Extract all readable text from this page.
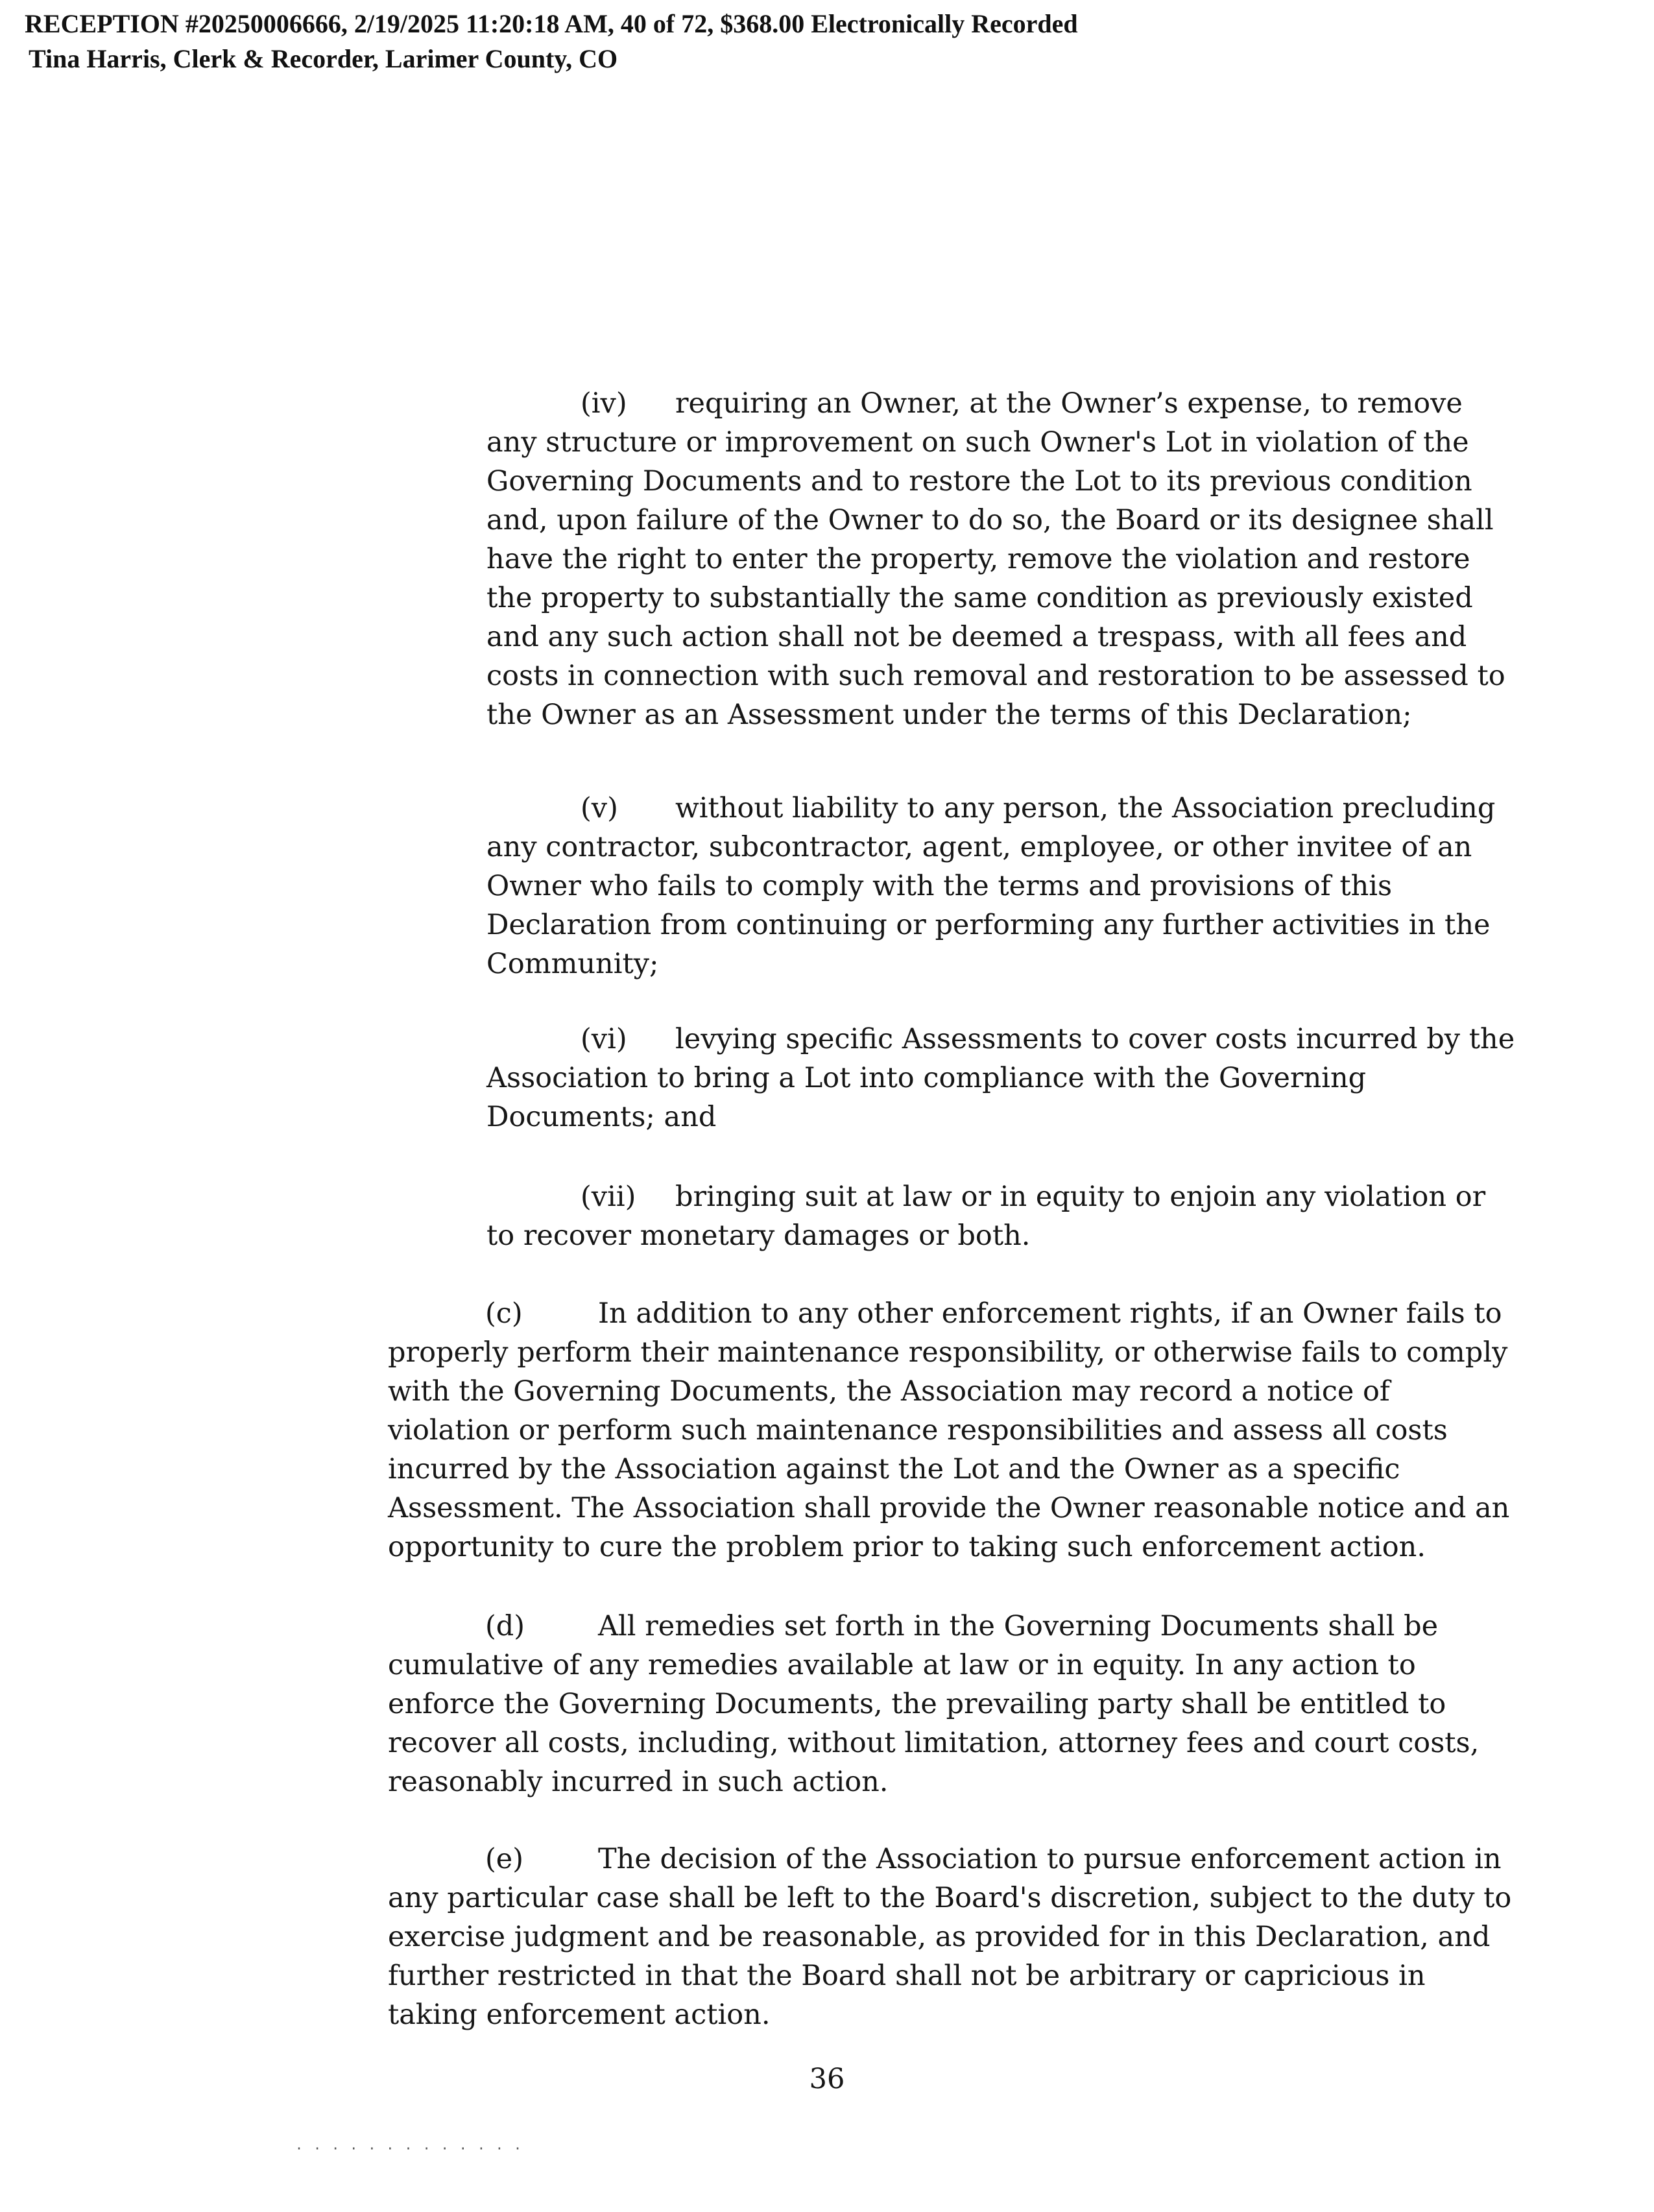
RECEPTION #20250006666, 2/19/2025 11:20:18 AM, 40 of 72, $368.00 Electronically Recorded
Tina Harris, Clerk & Recorder, Larimer County, CO

(iv) requiring an Owner, at the Owner’s expense, to remove any structure or improvement on such Owner's Lot in violation of the Governing Documents and to restore the Lot to its previous condition and, upon failure of the Owner to do so, the Board or its designee shall have the right to enter the property, remove the violation and restore the property to substantially the same condition as previously existed and any such action shall not be deemed a trespass, with all fees and costs in connection with such removal and restoration to be assessed to the Owner as an Assessment under the terms of this Declaration;

(v) without liability to any person, the Association precluding any contractor, subcontractor, agent, employee, or other invitee of an Owner who fails to comply with the terms and provisions of this Declaration from continuing or performing any further activities in the Community;

(vi) levying specific Assessments to cover costs incurred by the Association to bring a Lot into compliance with the Governing Documents; and

(vii) bringing suit at law or in equity to enjoin any violation or to recover monetary damages or both.

(c)	In addition to any other enforcement rights, if an Owner fails to properly perform their maintenance responsibility, or otherwise fails to comply with the Governing Documents, the Association may record a notice of violation or perform such maintenance responsibilities and assess all costs incurred by the Association against the Lot and the Owner as a specific Assessment. The Association shall provide the Owner reasonable notice and an opportunity to cure the problem prior to taking such enforcement action.

(d)	All remedies set forth in the Governing Documents shall be cumulative of any remedies available at law or in equity. In any action to enforce the Governing Documents, the prevailing party shall be entitled to recover all costs, including, without limitation, attorney fees and court costs, reasonably incurred in such action.

(e)	The decision of the Association to pursue enforcement action in any particular case shall be left to the Board's discretion, subject to the duty to exercise judgment and be reasonable, as provided for in this Declaration, and further restricted in that the Board shall not be arbitrary or capricious in taking enforcement action.

36
· · · · · · · · · · · · ·
